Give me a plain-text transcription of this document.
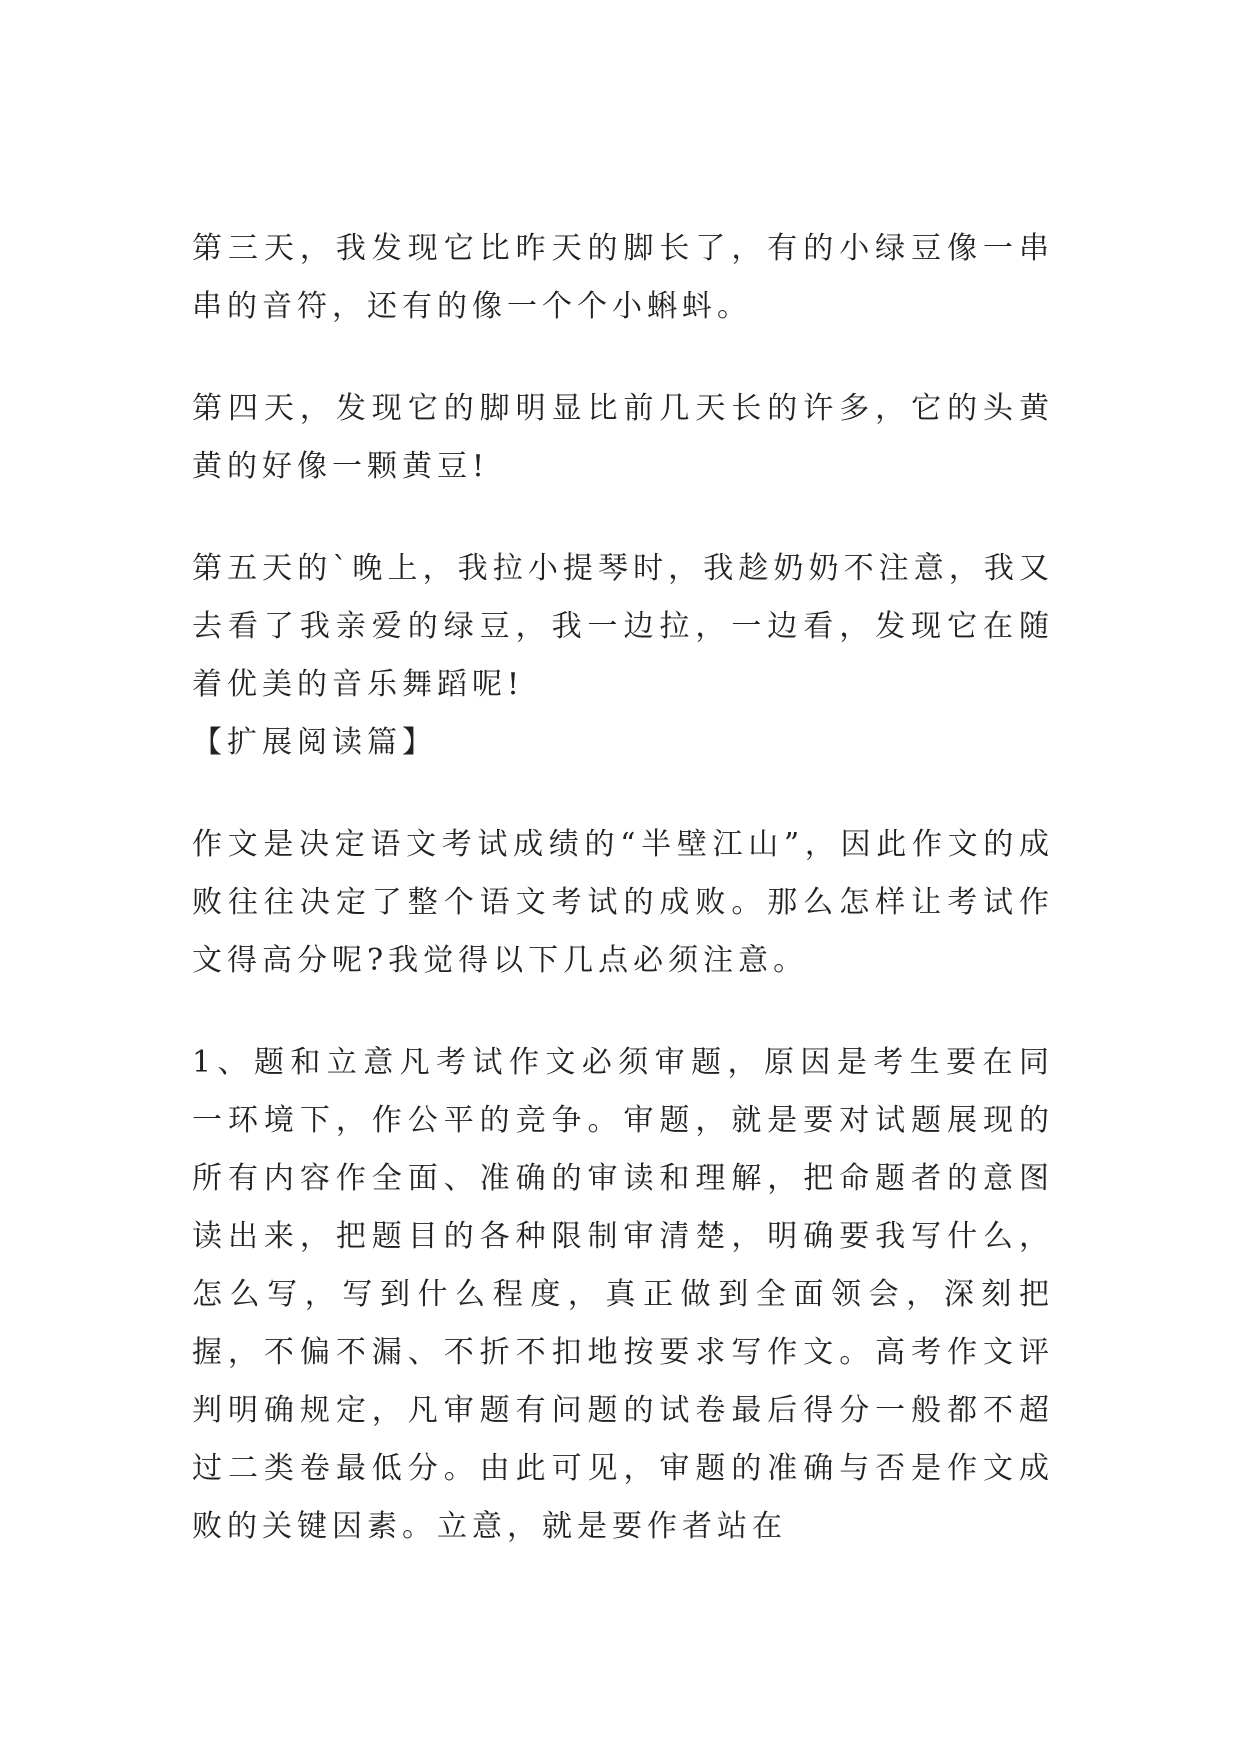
第三天，我发现它比昨天的脚长了，有的小绿豆像一串串的音符，还有的像一个个小蝌蚪。

第四天，发现它的脚明显比前几天长的许多，它的头黄黄的好像一颗黄豆!

第五天的`晚上，我拉小提琴时，我趁奶奶不注意，我又去看了我亲爱的绿豆，我一边拉，一边看，发现它在随着优美的音乐舞蹈呢!

【扩展阅读篇】

作文是决定语文考试成绩的“半壁江山”，因此作文的成败往往决定了整个语文考试的成败。那么怎样让考试作文得高分呢?我觉得以下几点必须注意。

1、题和立意凡考试作文必须审题，原因是考生要在同一环境下，作公平的竞争。审题，就是要对试题展现的所有内容作全面、准确的审读和理解，把命题者的意图读出来，把题目的各种限制审清楚，明确要我写什么，怎么写，写到什么程度，真正做到全面领会，深刻把握，不偏不漏、不折不扣地按要求写作文。高考作文评判明确规定，凡审题有问题的试卷最后得分一般都不超过二类卷最低分。由此可见，审题的准确与否是作文成败的关键因素。立意，就是要作者站在
